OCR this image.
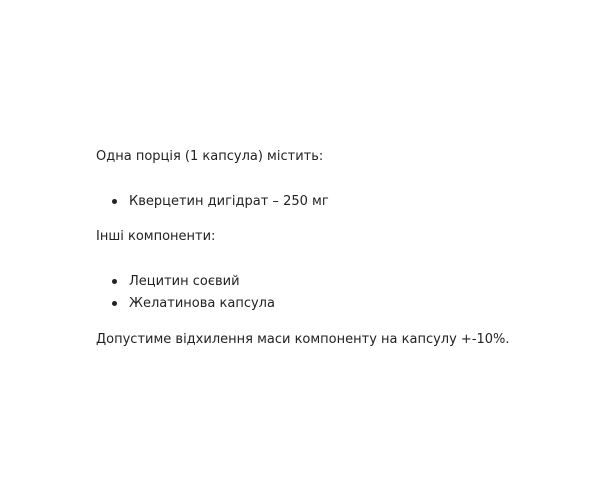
Одна порція (1 капсула) містить:

Кверцетин дигідрат – 250 мг

Інші компоненти:

Лецитин соєвий
Желатинова капсула

Допустиме відхилення маси компоненту на капсулу +-10%.
